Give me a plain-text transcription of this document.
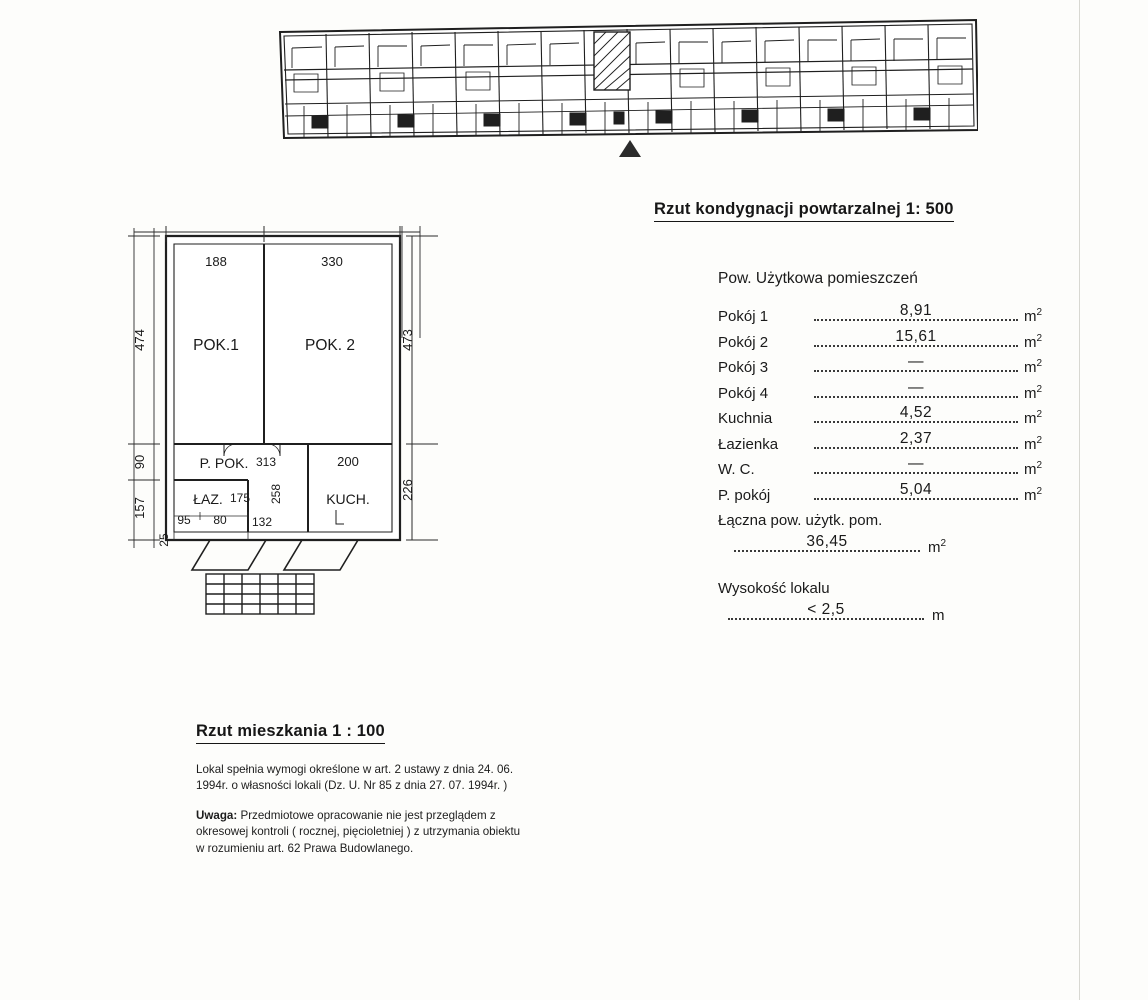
Rzut kondygnacji powtarzalnej 1: 500
Rzut mieszkania 1 : 100
Pow. Użytkowa pomieszczeń
Pokój 1	8,91	$m^2$
Pokój 2	15,61	$m^2$
Pokój 3	—	$m^2$
Pokój 4	—	$m^2$
Kuchnia	4,52	$m^2$
Łazienka	2,37	$m^2$
W. C.	—	$m^2$
P. pokój	5,04	$m^2$
Łączna pow. użytk. pom.
36,45	$m^2$
Wysokość lokalu
< 2,5	m
POK.1	POK. 2
P. POK.
ŁAZ.	KUCH.
188	330
474
90
157
473
226
313	200
175 258
95 80 132
25

Lokal spełnia wymogi określone w art. 2 ustawy z dnia 24. 06. 1994r. o własności lokali (Dz. U. Nr 85 z dnia 27. 07. 1994r. )

Uwaga: Przedmiotowe opracowanie nie jest przeglądem z okresowej kontroli ( rocznej, pięcioletniej ) z utrzymania obiektu w rozumieniu art. 62 Prawa Budowlanego.
